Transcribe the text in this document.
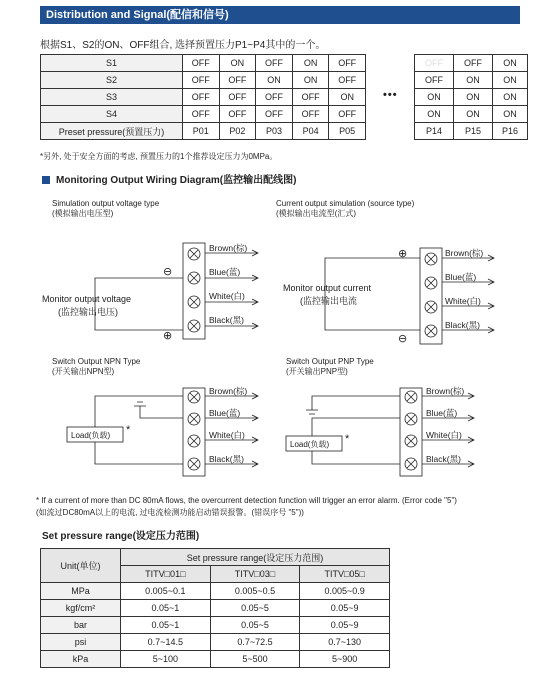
Distribution and Signal(配信和信号)
根据S1、S2的ON、OFF组合, 选择预置压力P1~P4其中的一个。
S1	OFF	ON	OFF	ON	OFF
S2	OFF	OFF	ON	ON	OFF
S3	OFF	OFF	OFF	OFF	ON
S4	OFF	OFF	OFF	OFF	OFF
Preset pressure(预置压力)	P01	P02	P03	P04	P05
•••
OFF	OFF	ON
OFF	ON	ON
ON	ON	ON
ON	ON	ON
P14	P15	P16
*另外, 处于安全方面的考虑, 预置压力的1个推荐设定压力为0MPa。
Monitoring Output Wiring Diagram(监控输出配线图)
Simulation output voltage type
(模拟输出电压型)
Current output simulation (source type)
(模拟输出电流型(汇式)
Switch Output NPN Type
(开关输出NPN型)
Switch Output PNP Type
(开关输出PNP型)
Brown(棕)
Blue(蓝)
White(白)
Black(黑)
Brown(棕)
Blue(蓝)
White(白)
Black(黑)
Brown(棕)
Blue(蓝)
White(白)
Black(黑)
Brown(棕)
Blue(蓝)
White(白)
Black(黑)
Monitor output voltage
(监控输出电压)
Monitor output current
(监控输出电流
⊖
⊕
⊕
⊖
Load(负载)
Load(负载)
*
*
* If a current of more than DC 80mA flows, the overcurrent detection function will trigger an error alarm. (Error code "5")
(如流过DC80mA以上的电流, 过电流检测功能启动错误报警。(错误序号 "5"))
Set pressure range(设定压力范围)
Unit(单位)	Set pressure range(设定压力范围)		
	TITV□01□	TITV□03□	TITV□05□
MPa	0.005~0.1	0.005~0.5	0.005~0.9
kgf/cm²	0.05~1	0.05~5	0.05~9
bar	0.05~1	0.05~5	0.05~9
psi	0.7~14.5	0.7~72.5	0.7~130
kPa	5~100	5~500	5~900
